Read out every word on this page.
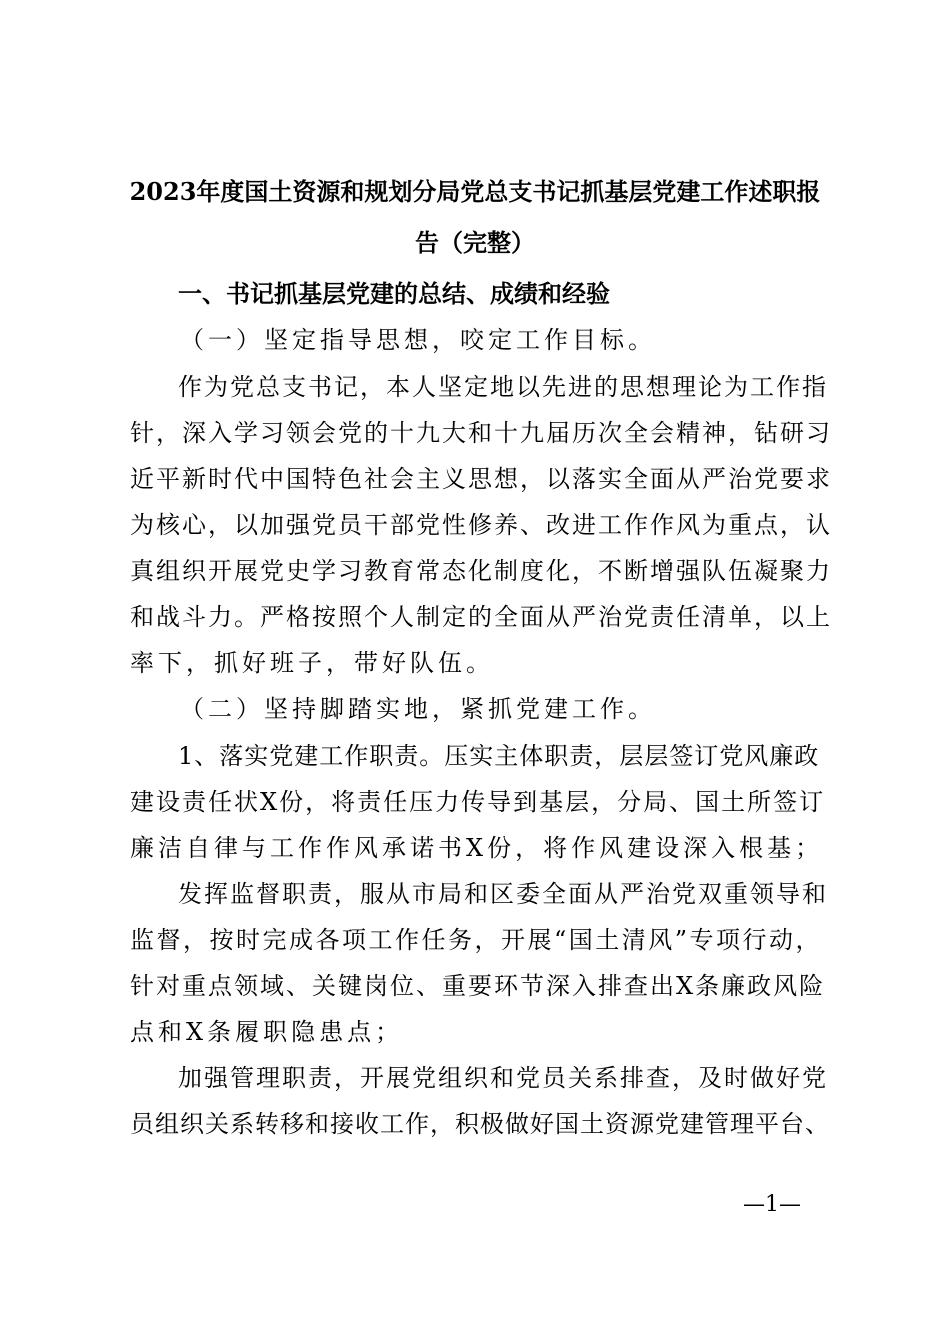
2023年度国土资源和规划分局党总支书记抓基层党建工作述职报
告（完整）
一、书记抓基层党建的总结、成绩和经验
（一）坚定指导思想，咬定工作目标。
作为党总支书记，本人坚定地以先进的思想理论为工作指
针，深入学习领会党的十九大和十九届历次全会精神，钻研习
近平新时代中国特色社会主义思想，以落实全面从严治党要求
为核心，以加强党员干部党性修养、改进工作作风为重点，认
真组织开展党史学习教育常态化制度化，不断增强队伍凝聚力
和战斗力。严格按照个人制定的全面从严治党责任清单，以上
率下，抓好班子，带好队伍。
（二）坚持脚踏实地，紧抓党建工作。
1、落实党建工作职责。压实主体职责，层层签订党风廉政
建设责任状X份，将责任压力传导到基层，分局、国土所签订
廉洁自律与工作作风承诺书X份，将作风建设深入根基；
发挥监督职责，服从市局和区委全面从严治党双重领导和
监督，按时完成各项工作任务，开展“国土清风”专项行动，
针对重点领域、关键岗位、重要环节深入排查出X条廉政风险
点和X条履职隐患点；
加强管理职责，开展党组织和党员关系排查，及时做好党
员组织关系转移和接收工作，积极做好国土资源党建管理平台、
—1—
